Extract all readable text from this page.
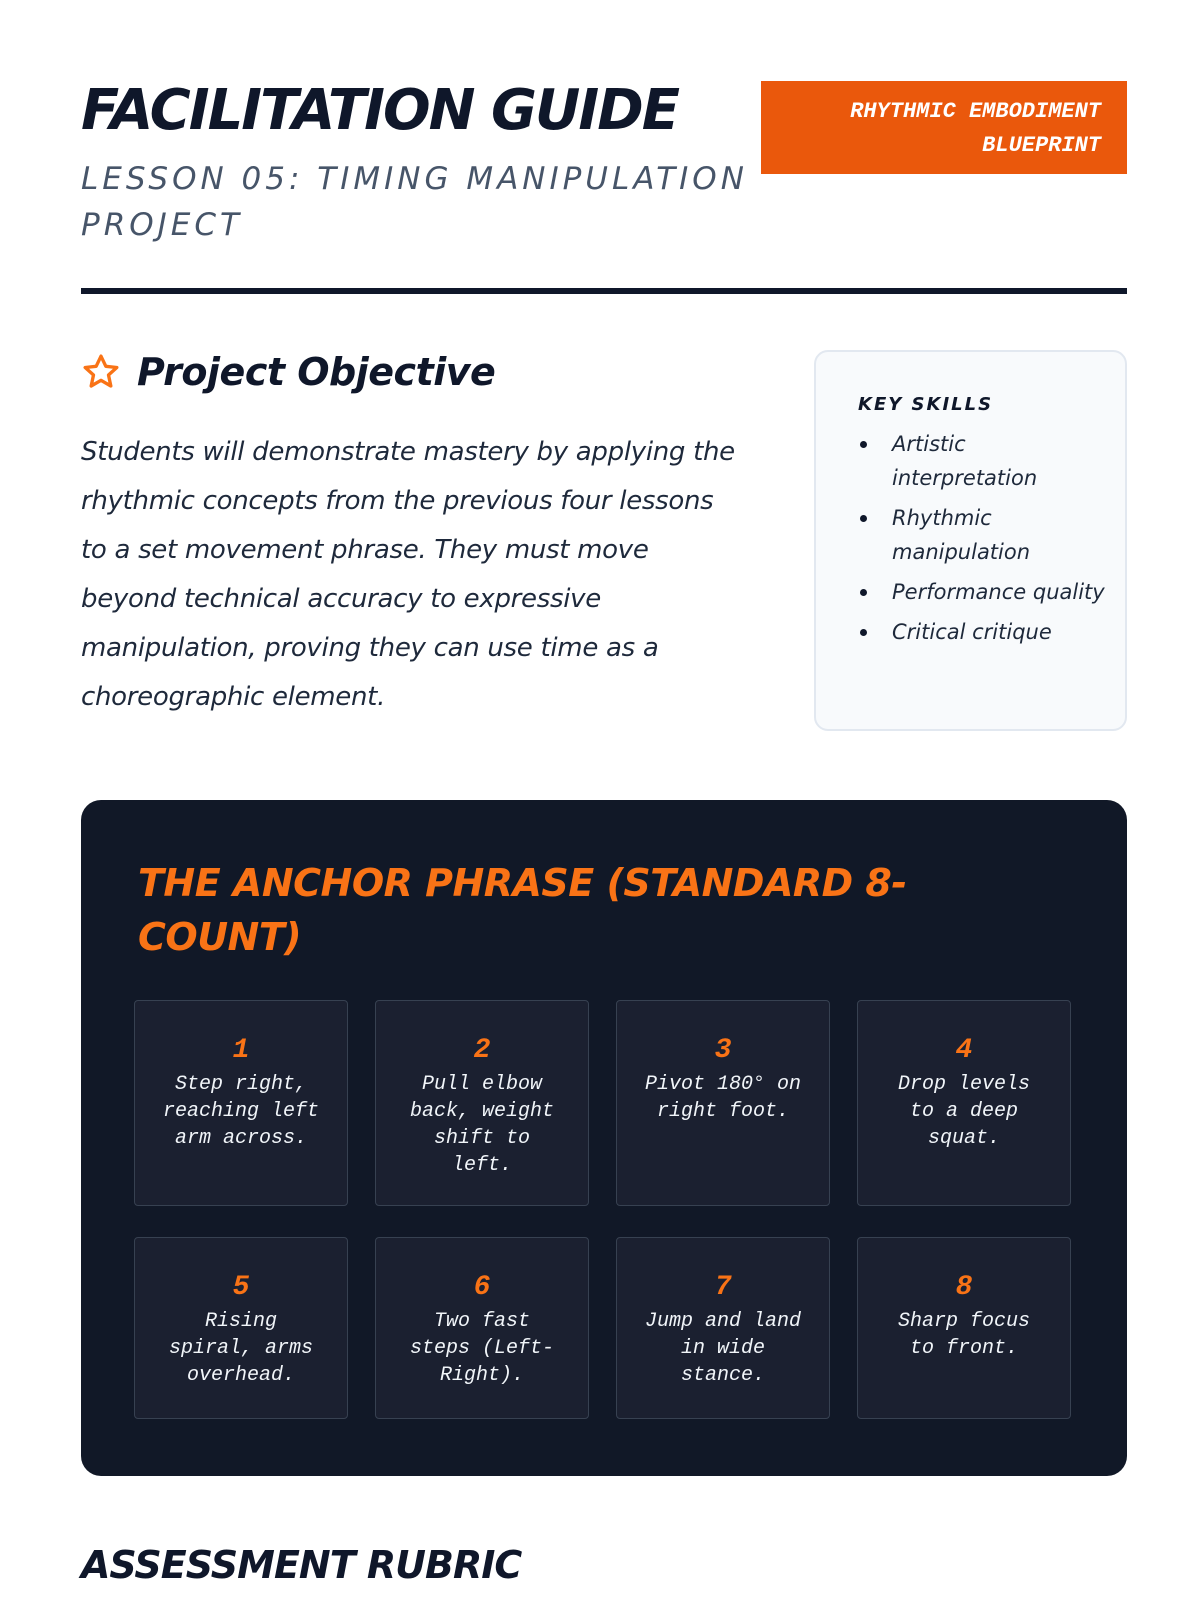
FACILITATION GUIDE

LESSON 05: TIMING MANIPULATION PROJECT

RHYTHMIC EMBODIMENT
BLUEPRINT
Project Objective

Students will demonstrate mastery by applying the rhythmic concepts from the previous four lessons to a set movement phrase. They must move beyond technical accuracy to expressive manipulation, proving they can use time as a choreographic element.

KEY SKILLS
Artistic interpretation
Rhythmic manipulation
Performance quality
Critical critique
THE ANCHOR PHRASE (STANDARD 8-COUNT)
1
Step right, reaching left arm across.
2
Pull elbow back, weight shift to left.
3
Pivot 180° on right foot.
4
Drop levels to a deep squat.
5
Rising spiral, arms overhead.
6
Two fast steps (Left-Right).
7
Jump and land in wide stance.
8
Sharp focus to front.
ASSESSMENT RUBRIC
